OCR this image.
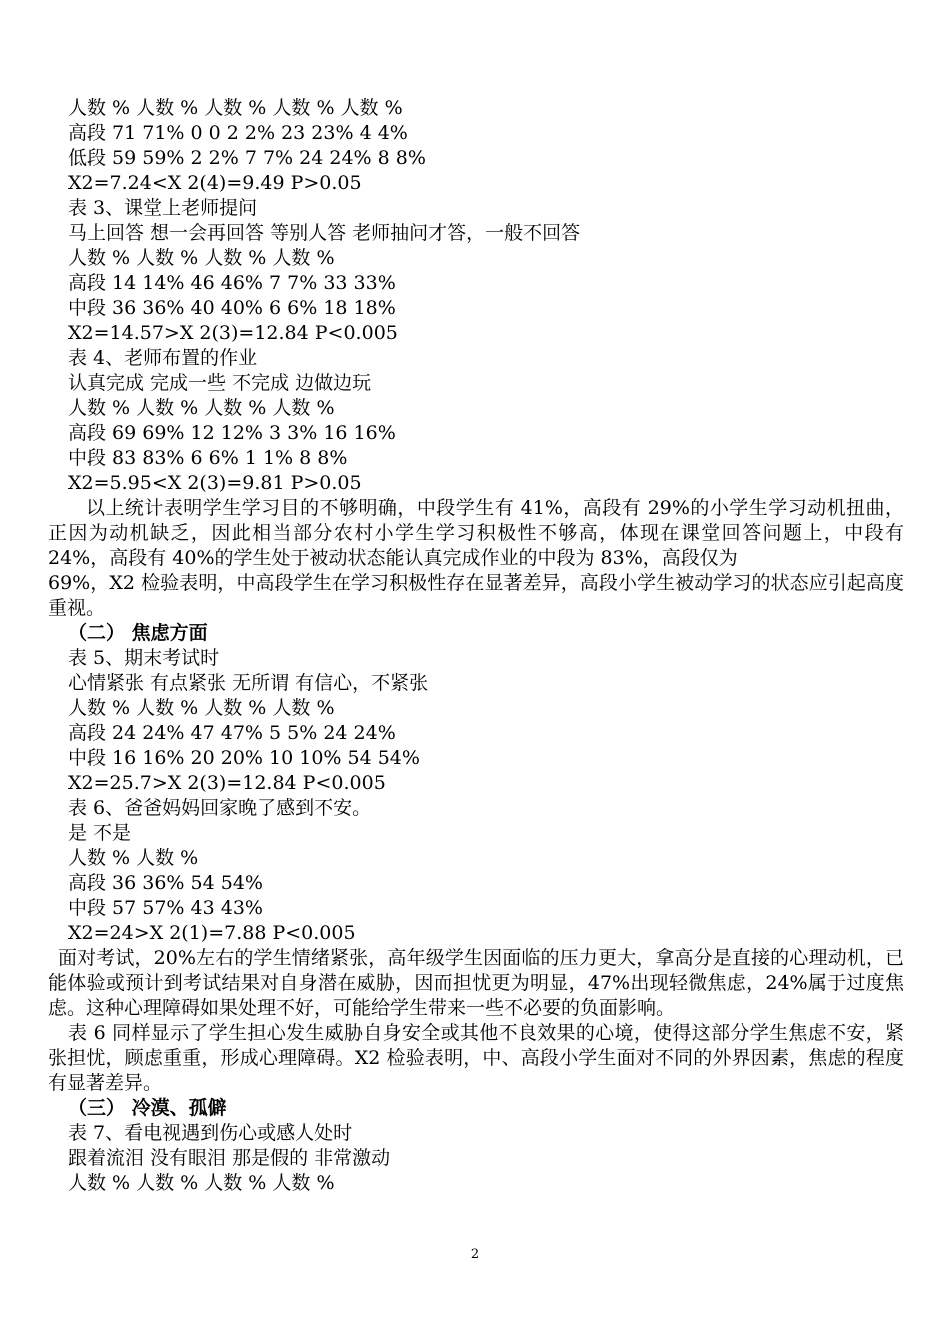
人数 % 人数 % 人数 % 人数 % 人数 %
高段 71 71% 0 0 2 2% 23 23% 4 4%
低段 59 59% 2 2% 7 7% 24 24% 8 8%
X2=7.24<X 2(4)=9.49 P>0.05
表 3、课堂上老师提问
马上回答 想一会再回答 等别人答 老师抽问才答，一般不回答
人数 % 人数 % 人数 % 人数 %
高段 14 14% 46 46% 7 7% 33 33%
中段 36 36% 40 40% 6 6% 18 18%
X2=14.57>X 2(3)=12.84 P<0.005
表 4、老师布置的作业
认真完成 完成一些 不完成 边做边玩
人数 % 人数 % 人数 % 人数 %
高段 69 69% 12 12% 3 3% 16 16%
中段 83 83% 6 6% 1 1% 8 8%
X2=5.95<X 2(3)=9.81 P>0.05
以上统计表明学生学习目的不够明确，中段学生有 41%，高段有 29%的小学生学习动机扭曲，正因为动机缺乏，因此相当部分农村小学生学习积极性不够高，体现在课堂回答问题上，中段有 24%，高段有 40%的学生处于被动状态能认真完成作业的中段为 83%，高段仅为
69%，X2 检验表明，中高段学生在学习积极性存在显著差异，高段小学生被动学习的状态应引起高度重视。
（二） 焦虑方面
表 5、期末考试时
心情紧张 有点紧张 无所谓 有信心，不紧张
人数 % 人数 % 人数 % 人数 %
高段 24 24% 47 47% 5 5% 24 24%
中段 16 16% 20 20% 10 10% 54 54%
X2=25.7>X 2(3)=12.84 P<0.005
表 6、爸爸妈妈回家晚了感到不安。
是 不是
人数 % 人数 %
高段 36 36% 54 54%
中段 57 57% 43 43%
X2=24>X 2(1)=7.88 P<0.005
面对考试，20%左右的学生情绪紧张，高年级学生因面临的压力更大，拿高分是直接的心理动机，已能体验或预计到考试结果对自身潜在威胁，因而担忧更为明显，47%出现轻微焦虑，24%属于过度焦虑。这种心理障碍如果处理不好，可能给学生带来一些不必要的负面影响。
表 6 同样显示了学生担心发生威胁自身安全或其他不良效果的心境，使得这部分学生焦虑不安，紧张担忧，顾虑重重，形成心理障碍。X2 检验表明，中、高段小学生面对不同的外界因素，焦虑的程度有显著差异。
（三） 冷漠、孤僻
表 7、看电视遇到伤心或感人处时
跟着流泪 没有眼泪 那是假的 非常激动
人数 % 人数 % 人数 % 人数 %
2
